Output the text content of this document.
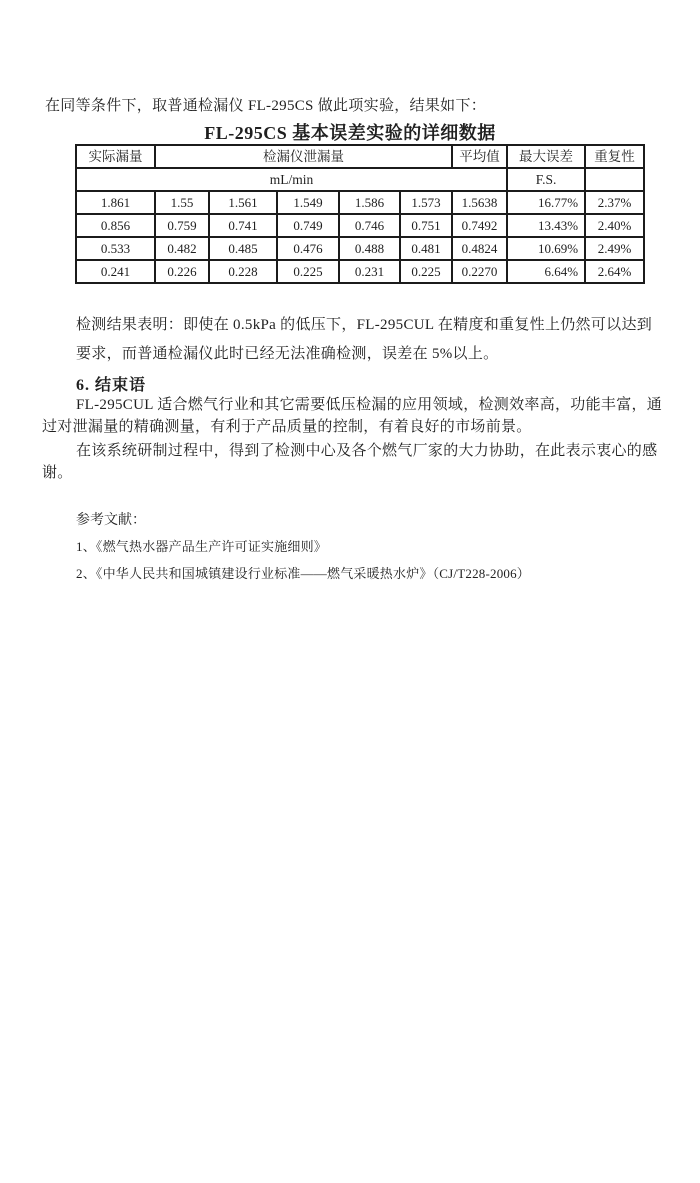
在同等条件下，取普通检漏仪 FL-295CS 做此项实验，结果如下：
FL-295CS 基本误差实验的详细数据
实际漏量	检漏仪泄漏量					平均值	最大误差	重复性
mL/min							F.S.	
1.861	1.55	1.561	1.549	1.586	1.573	1.5638	16.77%	2.37%
0.856	0.759	0.741	0.749	0.746	0.751	0.7492	13.43%	2.40%
0.533	0.482	0.485	0.476	0.488	0.481	0.4824	10.69%	2.49%
0.241	0.226	0.228	0.225	0.231	0.225	0.2270	6.64%	2.64%
检测结果表明：即使在 0.5kPa 的低压下，FL-295CUL 在精度和重复性上仍然可以达到
要求，而普通检漏仪此时已经无法准确检测，误差在 5%以上。
6. 结束语
FL-295CUL 适合燃气行业和其它需要低压检漏的应用领域，检测效率高，功能丰富，通
过对泄漏量的精确测量，有利于产品质量的控制，有着良好的市场前景。
在该系统研制过程中，得到了检测中心及各个燃气厂家的大力协助，在此表示衷心的感
谢。
参考文献：
1、《燃气热水器产品生产许可证实施细则》
2、《中华人民共和国城镇建设行业标准——燃气采暖热水炉》（CJ/T228-2006）
